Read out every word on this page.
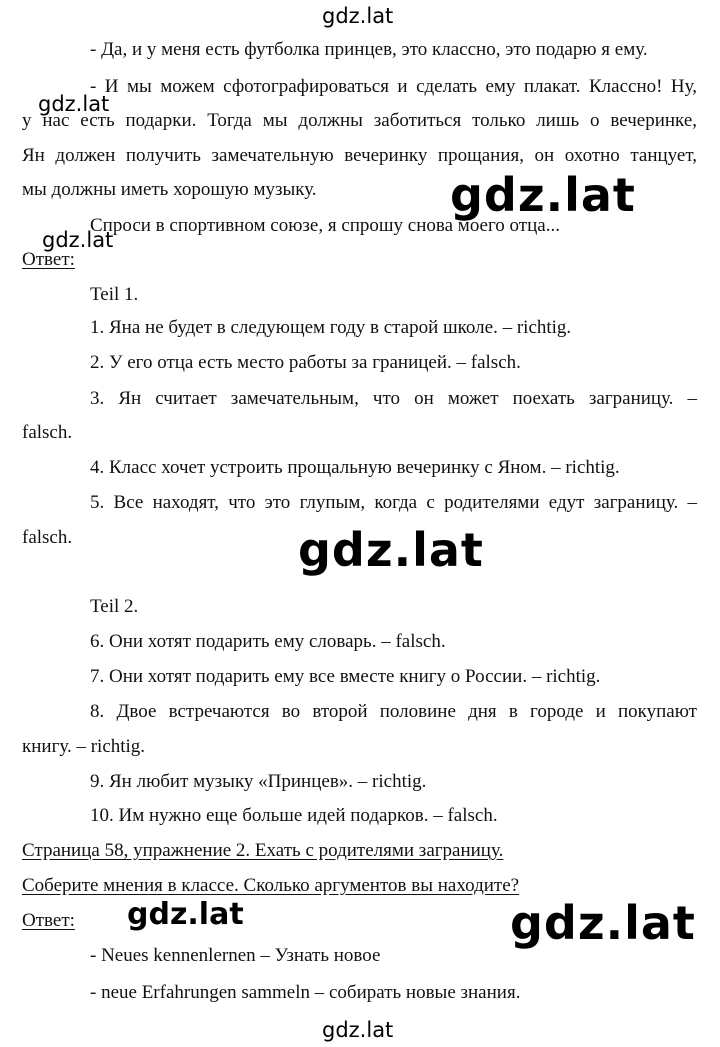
- Да, и у меня есть футболка принцев, это классно, это подарю я ему.
- И мы можем сфотографироваться и сделать ему плакат. Классно! Ну,
у нас есть подарки. Тогда мы должны заботиться только лишь о вечеринке,
Ян должен получить замечательную вечеринку прощания, он охотно танцует,
мы должны иметь хорошую музыку.
Спроси в спортивном союзе, я спрошу снова моего отца...
Ответ:
Teil 1.
1. Яна не будет в следующем году в старой школе. – richtig.
2. У его отца есть место работы за границей. – falsch.
3. Ян считает замечательным, что он может поехать заграницу. –
falsch.
4. Класс хочет устроить прощальную вечеринку с Яном. – richtig.
5. Все находят, что это глупым, когда с родителями едут заграницу. –
falsch.
Teil 2.
6. Они хотят подарить ему словарь. – falsch.
7. Они хотят подарить ему все вместе книгу о России. – richtig.
8. Двое встречаются во второй половине дня в городе и покупают
книгу. – richtig.
9. Ян любит музыку «Принцев». – richtig.
10. Им нужно еще больше идей подарков. – falsch.
Страница 58, упражнение 2. Ехать с родителями заграницу.
Соберите мнения в классе. Сколько аргументов вы находите?
Ответ:
- Neues kennenlernen – Узнать новое
- neue Erfahrungen sammeln – собирать новые знания.
gdz.lat
gdz.lat
gdz.lat
gdz.lat
gdz.lat
gdz.lat	gdz.lat
gdz.lat
